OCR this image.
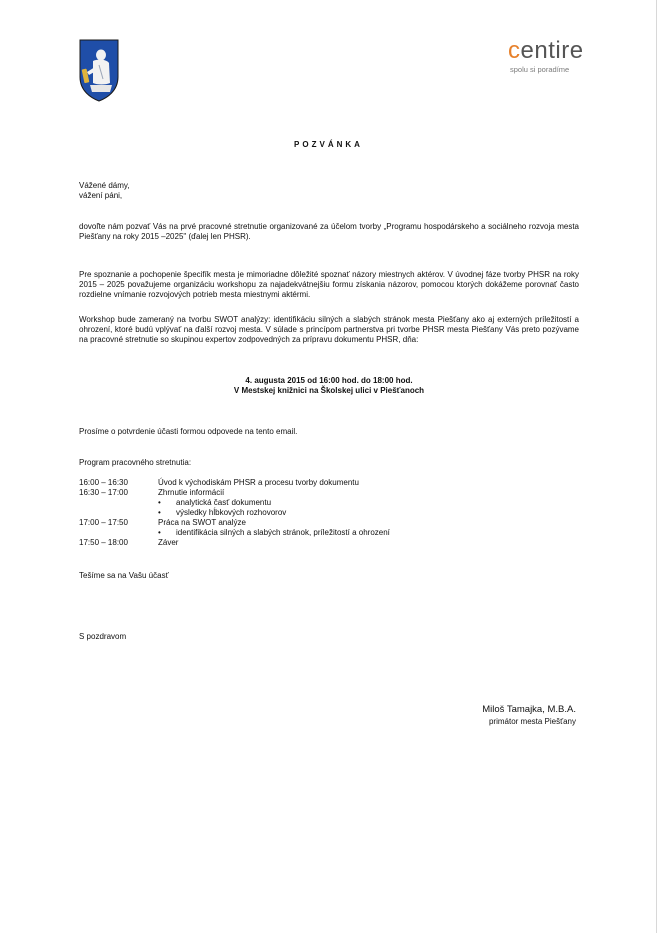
centire
spolu si poradíme
POZVÁNKA
Vážené dámy,
vážení páni,
dovoľte nám pozvať Vás na prvé pracovné stretnutie organizované za účelom tvorby „Programu hospodárskeho a sociálneho rozvoja mesta Piešťany na roky 2015 –2025" (ďalej len PHSR).
Pre spoznanie a pochopenie špecifík mesta je mimoriadne dôležité spoznať názory miestnych aktérov. V úvodnej fáze tvorby PHSR na roky 2015 – 2025 považujeme organizáciu workshopu za najadekvátnejšiu formu získania názorov, pomocou ktorých dokážeme porovnať často rozdielne vnímanie rozvojových potrieb mesta miestnymi aktérmi.
Workshop bude zameraný na tvorbu SWOT analýzy: identifikáciu silných a slabých stránok mesta Piešťany ako aj externých príležitostí a ohrození, ktoré budú vplývať na ďalší rozvoj mesta. V súlade s princípom partnerstva pri tvorbe PHSR mesta Piešťany Vás preto pozývame na pracovné stretnutie so skupinou expertov zodpovedných za prípravu dokumentu PHSR, dňa:
4. augusta 2015 od 16:00 hod. do 18:00 hod.
V Mestskej knižnici na Školskej ulici v Piešťanoch
Prosíme o potvrdenie účasti formou odpovede na tento email.
Program pracovného stretnutia:
16:00 – 16:30	Úvod k východiskám PHSR a procesu tvorby dokumentu
16:30 – 17:00	Zhrnutie informácií
•	analytická časť dokumentu
•	výsledky hĺbkových rozhovorov
17:00 – 17:50	Práca na SWOT analýze
•	identifikácia silných a slabých stránok, príležitostí a ohrození
17:50 – 18:00	Záver
Tešíme sa na Vašu účasť
S pozdravom
Miloš Tamajka, M.B.A.
primátor mesta Piešťany
